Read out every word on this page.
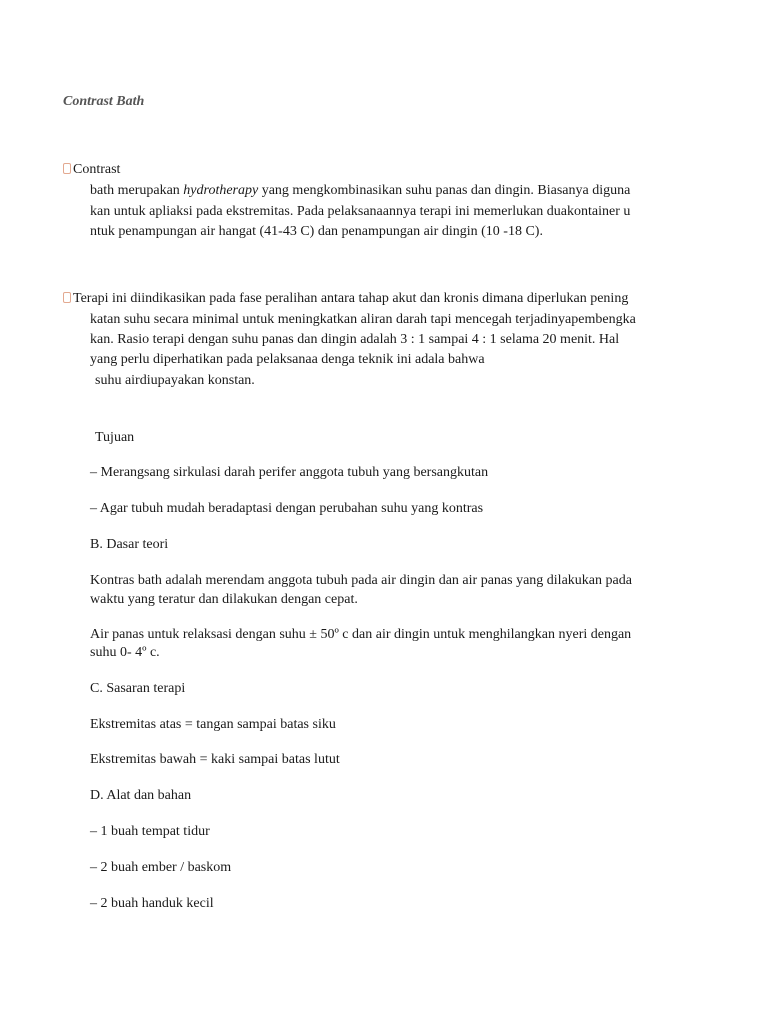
Contrast Bath
Contrast
bath merupakan hydrotherapy yang mengkombinasikan suhu panas dan dingin. Biasanya diguna
kan untuk apliaksi pada ekstremitas. Pada pelaksanaannya terapi ini memerlukan duakontainer u
ntuk penampungan air hangat (41-43 C) dan penampungan air dingin (10 -18 C).
Terapi ini diindikasikan pada fase peralihan antara tahap akut dan kronis dimana diperlukan pening
katan suhu secara minimal untuk meningkatkan aliran darah tapi mencegah terjadinyapembengka
kan. Rasio terapi dengan suhu panas dan dingin adalah 3 : 1 sampai 4 : 1 selama 20 menit. Hal
yang perlu diperhatikan pada pelaksanaa denga teknik ini adala bahwa
suhu airdiupayakan konstan.
Tujuan
– Merangsang sirkulasi darah perifer anggota tubuh yang bersangkutan
– Agar tubuh mudah beradaptasi dengan perubahan suhu yang kontras
B. Dasar teori
Kontras bath adalah merendam anggota tubuh pada air dingin dan air panas yang dilakukan pada
waktu yang teratur dan dilakukan dengan cepat.
Air panas untuk relaksasi dengan suhu ± 50º c dan air dingin untuk menghilangkan nyeri dengan
suhu 0- 4º c.
C. Sasaran terapi
Ekstremitas atas = tangan sampai batas siku
Ekstremitas bawah = kaki sampai batas lutut
D. Alat dan bahan
– 1 buah tempat tidur
– 2 buah ember / baskom
– 2 buah handuk kecil
